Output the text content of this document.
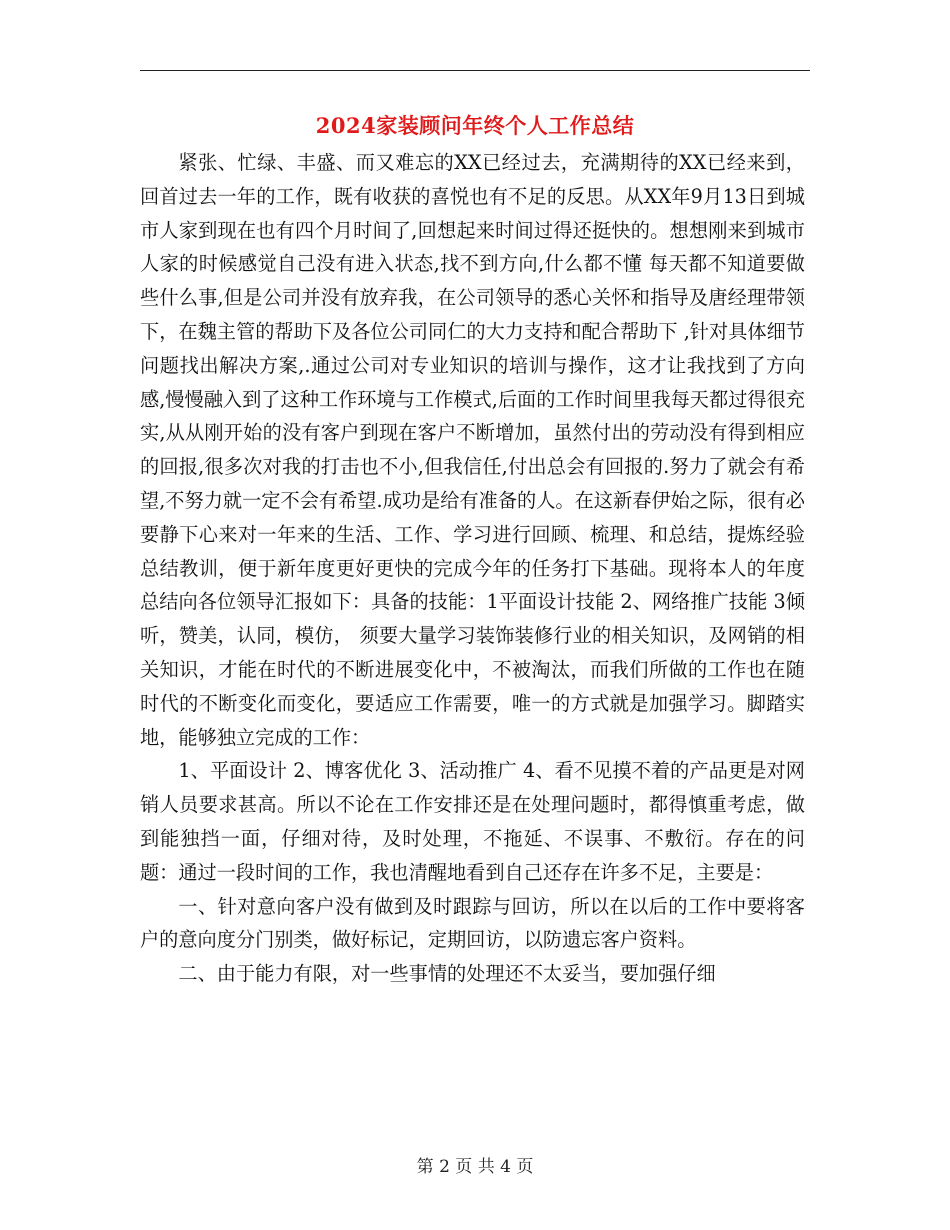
2024家装顾问年终个人工作总结

紧张、忙绿、丰盛、而又难忘的XX已经过去，充满期待的XX已经来到，回首过去一年的工作，既有收获的喜悦也有不足的反思。从XX年9月13日到城市人家到现在也有四个月时间了,回想起来时间过得还挺快的。想想刚来到城市人家的时候感觉自己没有进入状态,找不到方向,什么都不懂 每天都不知道要做些什么事,但是公司并没有放弃我，在公司领导的悉心关怀和指导及唐经理带领下，在魏主管的帮助下及各位公司同仁的大力支持和配合帮助下 ,针对具体细节问题找出解决方案,.通过公司对专业知识的培训与操作，这才让我找到了方向感,慢慢融入到了这种工作环境与工作模式,后面的工作时间里我每天都过得很充实,从从刚开始的没有客户到现在客户不断增加，虽然付出的劳动没有得到相应的回报,很多次对我的打击也不小,但我信任,付出总会有回报的.努力了就会有希望,不努力就一定不会有希望.成功是给有准备的人。在这新春伊始之际，很有必要静下心来对一年来的生活、工作、学习进行回顾、梳理、和总结，提炼经验总结教训，便于新年度更好更快的完成今年的任务打下基础。现将本人的年度总结向各位领导汇报如下：具备的技能：1平面设计技能 2、网络推广技能 3倾听，赞美，认同，模仿， 须要大量学习装饰装修行业的相关知识，及网销的相关知识，才能在时代的不断进展变化中，不被淘汰，而我们所做的工作也在随时代的不断变化而变化，要适应工作需要，唯一的方式就是加强学习。脚踏实地，能够独立完成的工作：

1、平面设计 2、博客优化 3、活动推广 4、看不见摸不着的产品更是对网销人员要求甚高。所以不论在工作安排还是在处理问题时，都得慎重考虑，做到能独挡一面，仔细对待，及时处理，不拖延、不误事、不敷衍。存在的问题：通过一段时间的工作，我也清醒地看到自己还存在许多不足，主要是：

一、针对意向客户没有做到及时跟踪与回访，所以在以后的工作中要将客户的意向度分门别类，做好标记，定期回访，以防遗忘客户资料。

二、由于能力有限，对一些事情的处理还不太妥当，要加强仔细

第 2 页 共 4 页
